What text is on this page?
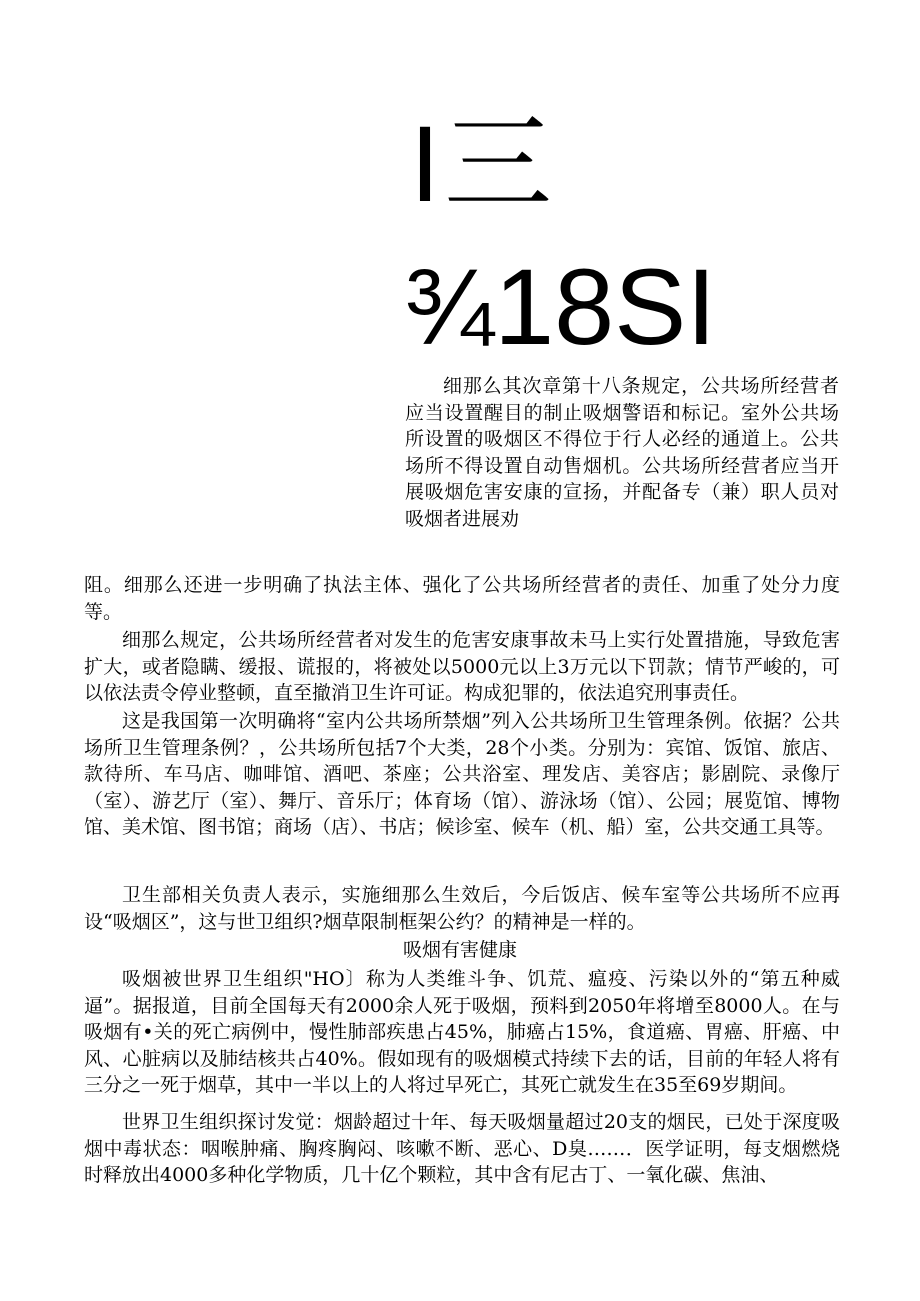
I三
¾18SI

细那么其次章第十八条规定，公共场所经营者应当设置醒目的制止吸烟警语和标记。室外公共场所设置的吸烟区不得位于行人必经的通道上。公共场所不得设置自动售烟机。公共场所经营者应当开展吸烟危害安康的宣扬，并配备专（兼）职人员对吸烟者进展劝

阻。细那么还进一步明确了执法主体、强化了公共场所经营者的责任、加重了处分力度等。

细那么规定，公共场所经营者对发生的危害安康事故未马上实行处置措施，导致危害扩大，或者隐瞒、缓报、谎报的，将被处以5000元以上3万元以下罚款；情节严峻的，可以依法责令停业整顿，直至撤消卫生许可证。构成犯罪的，依法追究刑事责任。

这是我国第一次明确将“室内公共场所禁烟”列入公共场所卫生管理条例。依据？公共场所卫生管理条例？，公共场所包括7个大类，28个小类。分别为：宾馆、饭馆、旅店、款待所、车马店、咖啡馆、酒吧、茶座；公共浴室、理发店、美容店；影剧院、录像厅（室）、游艺厅（室）、舞厅、音乐厅；体育场（馆）、游泳场（馆）、公园；展览馆、博物馆、美术馆、图书馆；商场（店）、书店；候诊室、候车（机、船）室，公共交通工具等。

卫生部相关负责人表示，实施细那么生效后，今后饭店、候车室等公共场所不应再设“吸烟区”，这与世卫组织?烟草限制框架公约？的精神是一样的。

吸烟有害健康

吸烟被世界卫生组织"HO〕称为人类维斗争、饥荒、瘟疫、污染以外的“第五种威逼”。据报道，目前全国每天有2000余人死于吸烟，预料到2050年将增至8000人。在与吸烟有•关的死亡病例中，慢性肺部疾患占45%，肺癌占15%，食道癌、胃癌、肝癌、中风、心脏病以及肺结核共占40%。假如现有的吸烟模式持续下去的话，目前的年轻人将有三分之一死于烟草，其中一半以上的人将过早死亡，其死亡就发生在35至69岁期间。

世界卫生组织探讨发觉：烟龄超过十年、每天吸烟量超过20支的烟民，已处于深度吸烟中毒状态：咽喉肿痛、胸疼胸闷、咳嗽不断、恶心、D臭……．医学证明，每支烟燃烧时释放出4000多种化学物质，几十亿个颗粒，其中含有尼古丁、一氧化碳、焦油、
